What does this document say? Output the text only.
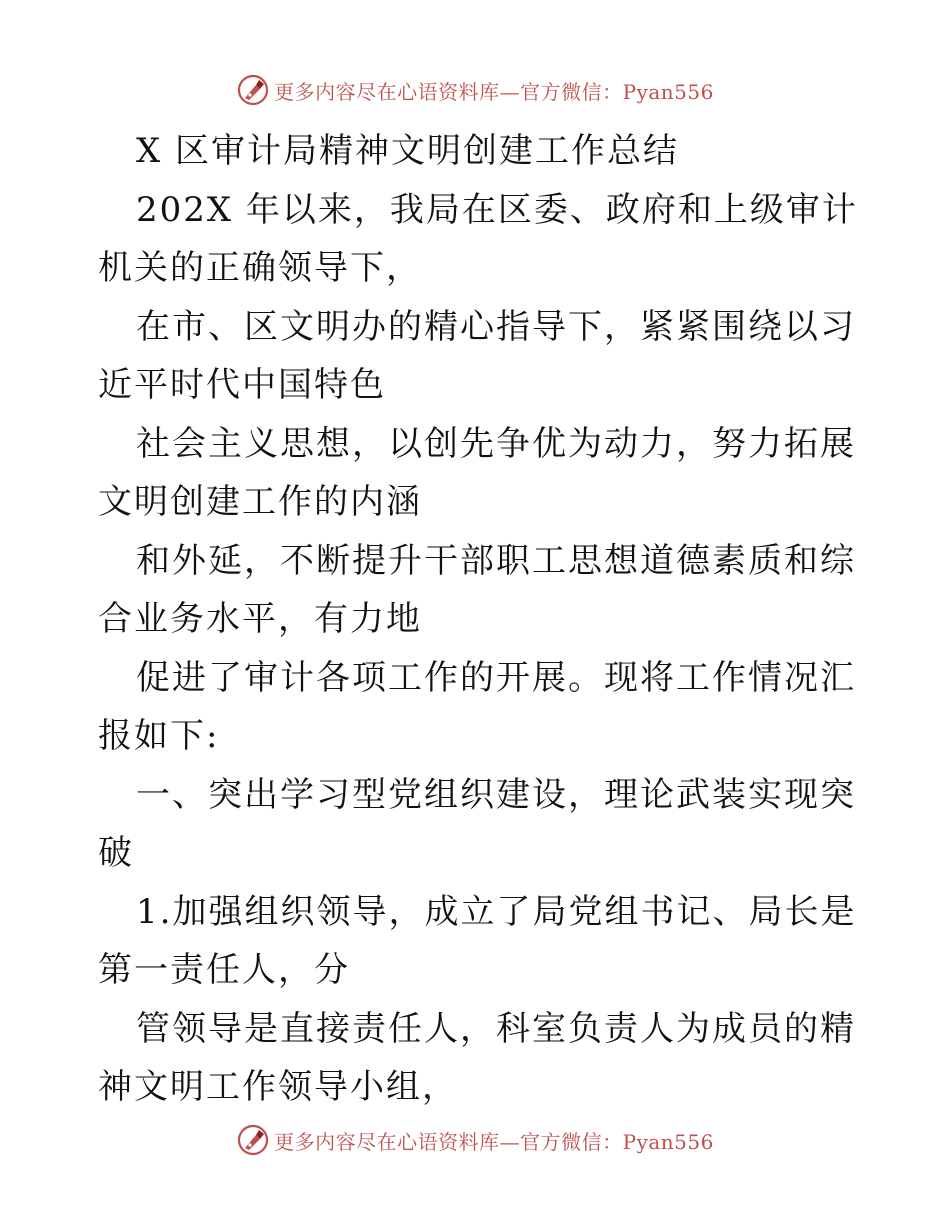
更多内容尽在心语资料库—官方微信：Pyan556

X 区审计局精神文明创建工作总结

202X 年以来，我局在区委、政府和上级审计机关的正确领导下，

在市、区文明办的精心指导下，紧紧围绕以习近平时代中国特色

社会主义思想，以创先争优为动力，努力拓展文明创建工作的内涵

和外延，不断提升干部职工思想道德素质和综合业务水平，有力地

促进了审计各项工作的开展。现将工作情况汇报如下:

一、突出学习型党组织建设，理论武装实现突破

1.加强组织领导，成立了局党组书记、局长是第一责任人，分

管领导是直接责任人，科室负责人为成员的精神文明工作领导小组，

更多内容尽在心语资料库—官方微信：Pyan556
